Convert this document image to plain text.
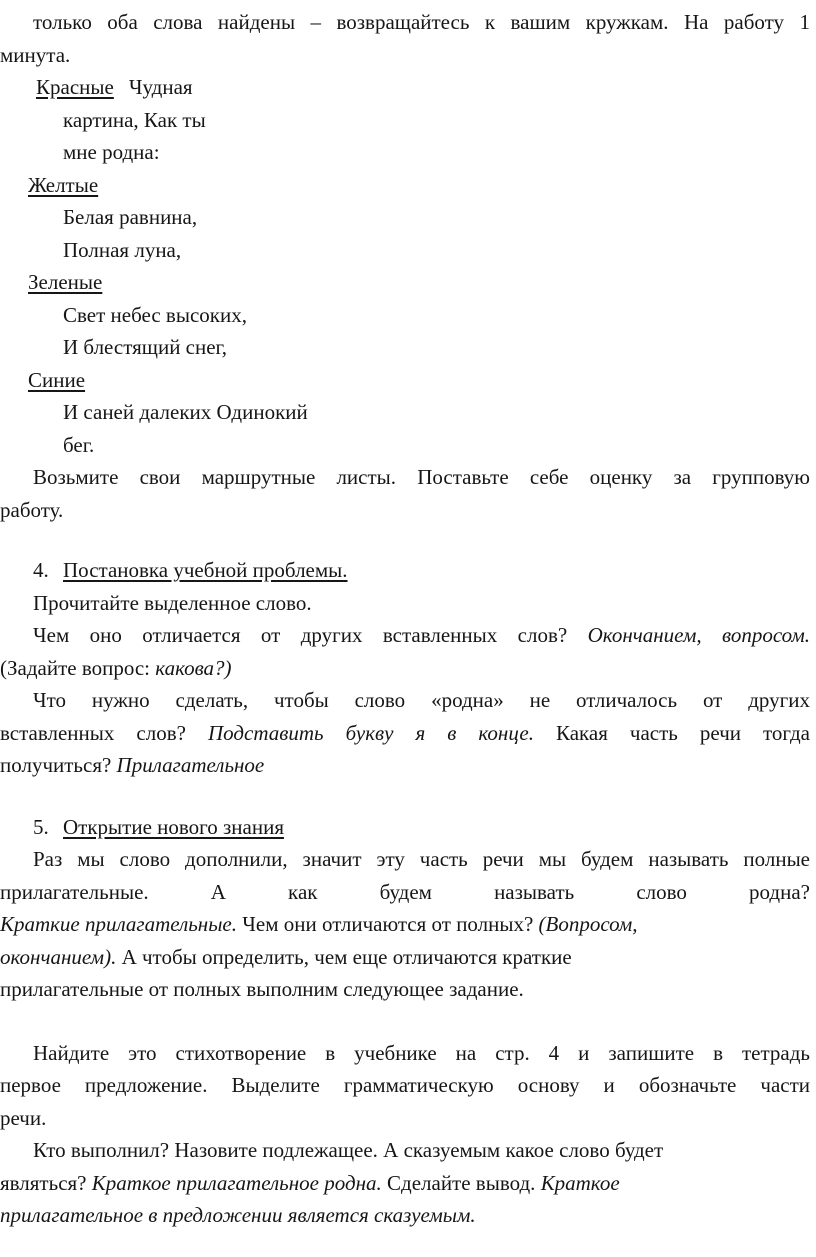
только оба слова найдены – возвращайтесь к вашим кружкам. На работу 1
минута.
Красные Чудная
картина, Как ты
мне родна:
Желтые
Белая равнина,
Полная луна,
Зеленые
Свет небес высоких,
И блестящий снег,
Синие
И саней далеких Одинокий
бег.
Возьмите свои маршрутные листы. Поставьте себе оценку за групповую
работу.
4. Постановка учебной проблемы.
Прочитайте выделенное слово.
Чем оно отличается от других вставленных слов? Окончанием, вопросом.
(Задайте вопрос: какова?)
Что нужно сделать, чтобы слово «родна» не отличалось от других
вставленных слов? Подставить букву я в конце. Какая часть речи тогда
получиться? Прилагательное
5. Открытие нового знания
Раз мы слово дополнили, значит эту часть речи мы будем называть полные
прилагательные. А как будем называть слово родна?
Краткие прилагательные. Чем они отличаются от полных? (Вопросом,
окончанием). А чтобы определить, чем еще отличаются краткие
прилагательные от полных выполним следующее задание.
Найдите это стихотворение в учебнике на стр. 4 и запишите в тетрадь
первое предложение. Выделите грамматическую основу и обозначьте части
речи.
Кто выполнил? Назовите подлежащее. А сказуемым какое слово будет
являться? Краткое прилагательное родна. Сделайте вывод. Краткое
прилагательное в предложении является сказуемым.
